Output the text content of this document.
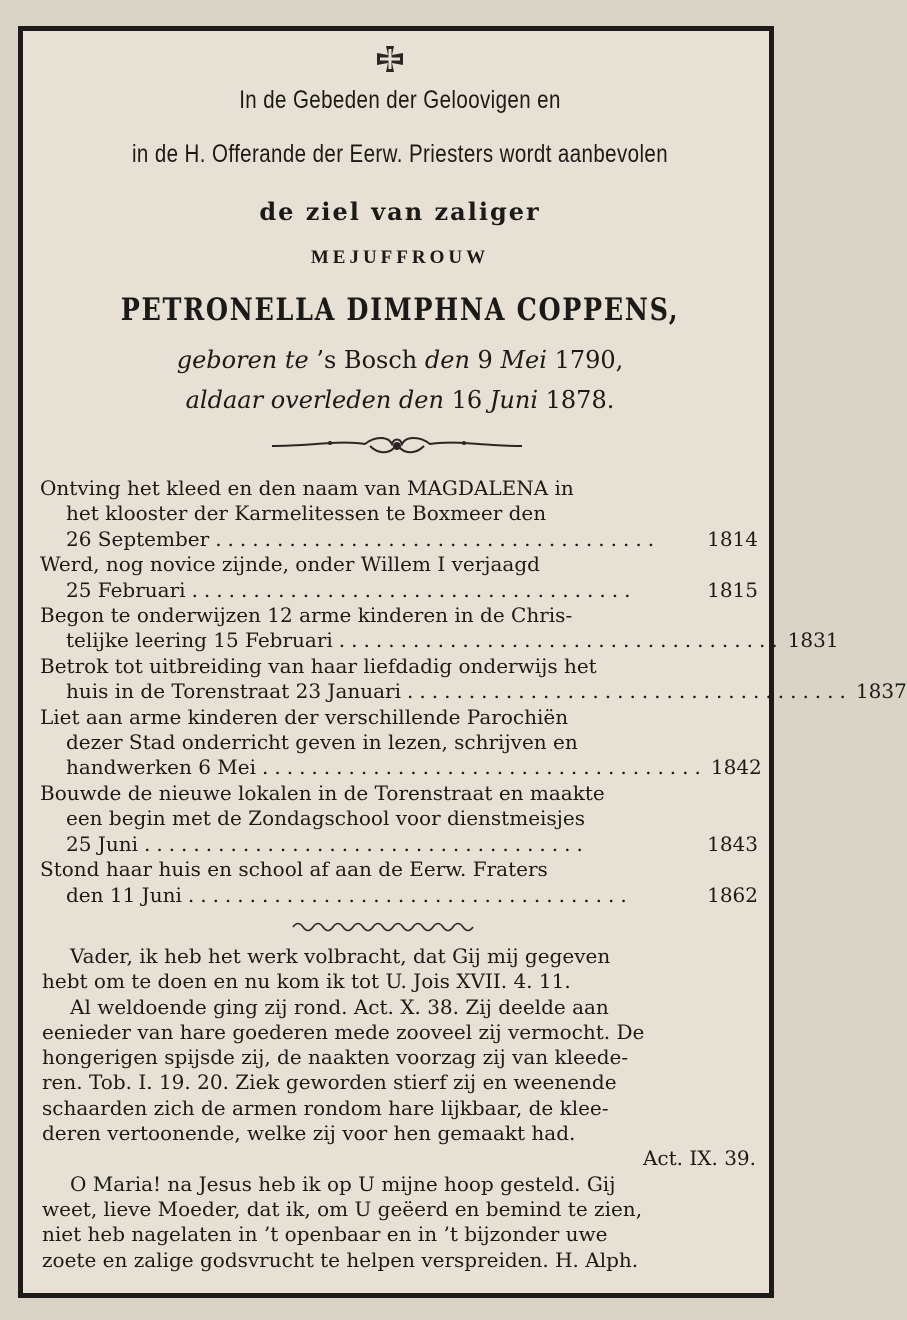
In de Gebeden der Geloovigen en
in de H. Offerande der Eerw. Priesters wordt aanbevolen
de ziel van zaliger
MEJUFFROUW
PETRONELLA DIMPHNA COPPENS,
geboren te ’s Bosch den 9 Mei 1790,
aldaar overleden den 16 Juni 1878.
Ontving het kleed en den naam van MAGDALENA in
het klooster der Karmelitessen te Boxmeer den
26 September ....................................	1814
Werd, nog novice zijnde, onder Willem I verjaagd
25 Februari ....................................	1815
Begon te onderwijzen 12 arme kinderen in de Chris-
telijke leering 15 Februari .................................... 1831
Betrok tot uitbreiding van haar liefdadig onderwijs het
huis in de Torenstraat 23 Januari .................................... 1837
Liet aan arme kinderen der verschillende Parochiën
dezer Stad onderricht geven in lezen, schrijven en
handwerken 6 Mei .................................... 1842
Bouwde de nieuwe lokalen in de Torenstraat en maakte
een begin met de Zondagschool voor dienstmeisjes
25 Juni ....................................	1843
Stond haar huis en school af aan de Eerw. Fraters
den 11 Juni ....................................	1862

Vader, ik heb het werk volbracht, dat Gij mij gegeven

hebt om te doen en nu kom ik tot U. Jois XVII. 4. 11.

Al weldoende ging zij rond. Act. X. 38. Zij deelde aan

eenieder van hare goederen mede zooveel zij vermocht. De

hongerigen spijsde zij, de naakten voorzag zij van kleede-

ren. Tob. I. 19. 20. Ziek geworden stierf zij en weenende

schaarden zich de armen rondom hare lijkbaar, de klee-

deren vertoonende, welke zij voor hen gemaakt had.

Act. IX. 39.

O Maria! na Jesus heb ik op U mijne hoop gesteld. Gij

weet, lieve Moeder, dat ik, om U geëerd en bemind te zien,

niet heb nagelaten in ’t openbaar en in ’t bijzonder uwe

zoete en zalige godsvrucht te helpen verspreiden. H. Alph.
